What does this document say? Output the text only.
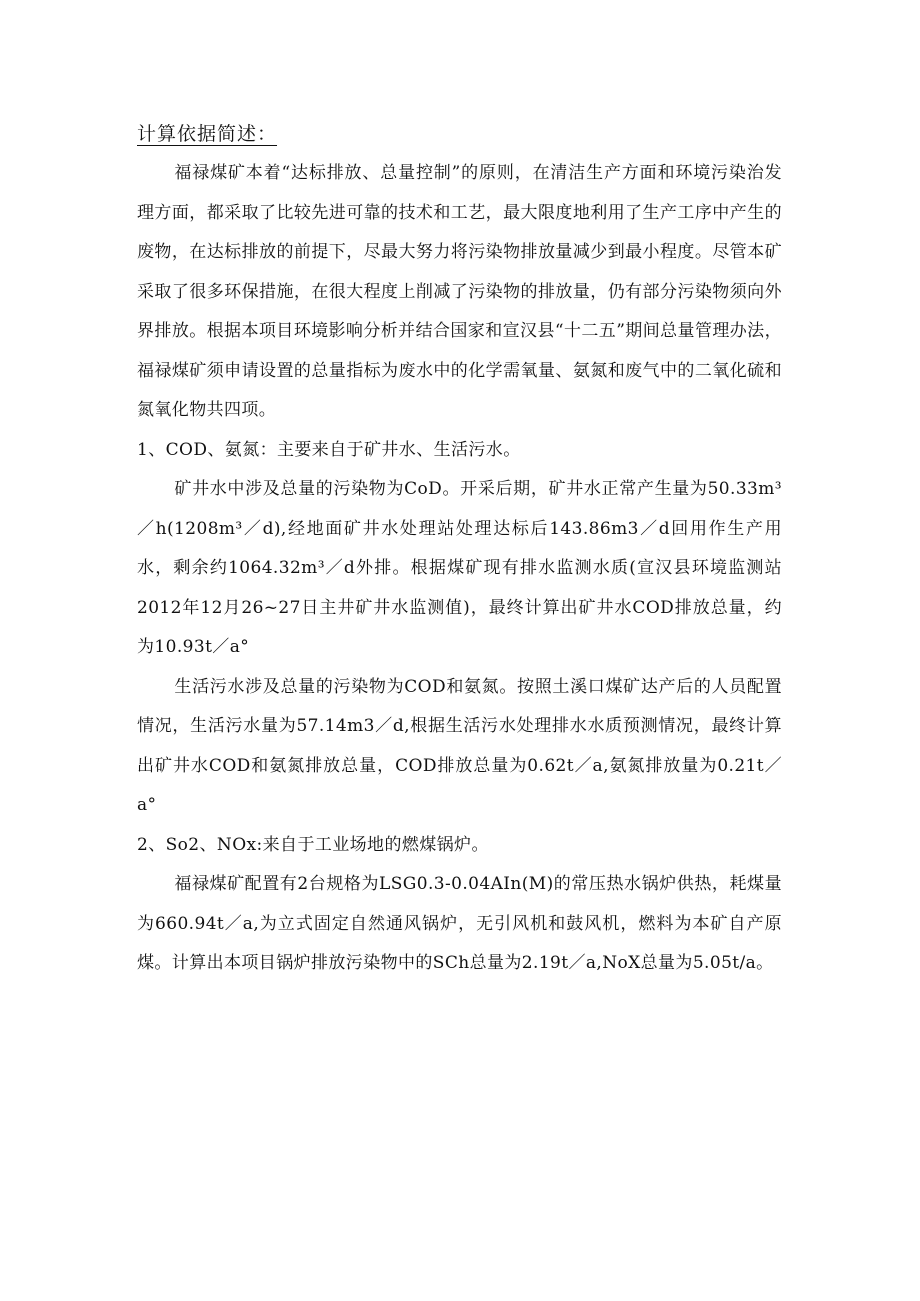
计算依据简述：

福禄煤矿本着“达标排放、总量控制”的原则，在清洁生产方面和环境污染治发理方面，都采取了比较先进可靠的技术和工艺，最大限度地利用了生产工序中产生的废物，在达标排放的前提下，尽最大努力将污染物排放量减少到最小程度。尽管本矿采取了很多环保措施，在很大程度上削减了污染物的排放量，仍有部分污染物须向外界排放。根据本项目环境影响分析并结合国家和宣汉县“十二五”期间总量管理办法，福禄煤矿须申请设置的总量指标为废水中的化学需氧量、氨氮和废气中的二氧化硫和氮氧化物共四项。

1、COD、氨氮：主要来自于矿井水、生活污水。

矿井水中涉及总量的污染物为CoD。开采后期，矿井水正常产生量为50.33m³／h(1208m³／d),经地面矿井水处理站处理达标后143.86m3／d回用作生产用水，剩余约1064.32m³／d外排。根据煤矿现有排水监测水质(宣汉县环境监测站2012年12月26~27日主井矿井水监测值)，最终计算出矿井水COD排放总量，约为10.93t／a°

生活污水涉及总量的污染物为COD和氨氮。按照土溪口煤矿达产后的人员配置情况，生活污水量为57.14m3／d,根据生活污水处理排水水质预测情况，最终计算出矿井水COD和氨氮排放总量，COD排放总量为0.62t／a,氨氮排放量为0.21t／a°

2、So2、NOx:来自于工业场地的燃煤锅炉。

福禄煤矿配置有2台规格为LSG0.3-0.04AIn(M)的常压热水锅炉供热，耗煤量为660.94t／a,为立式固定自然通风锅炉，无引风机和鼓风机，燃料为本矿自产原煤。计算出本项目锅炉排放污染物中的SCh总量为2.19t／a,NoX总量为5.05t/a。
